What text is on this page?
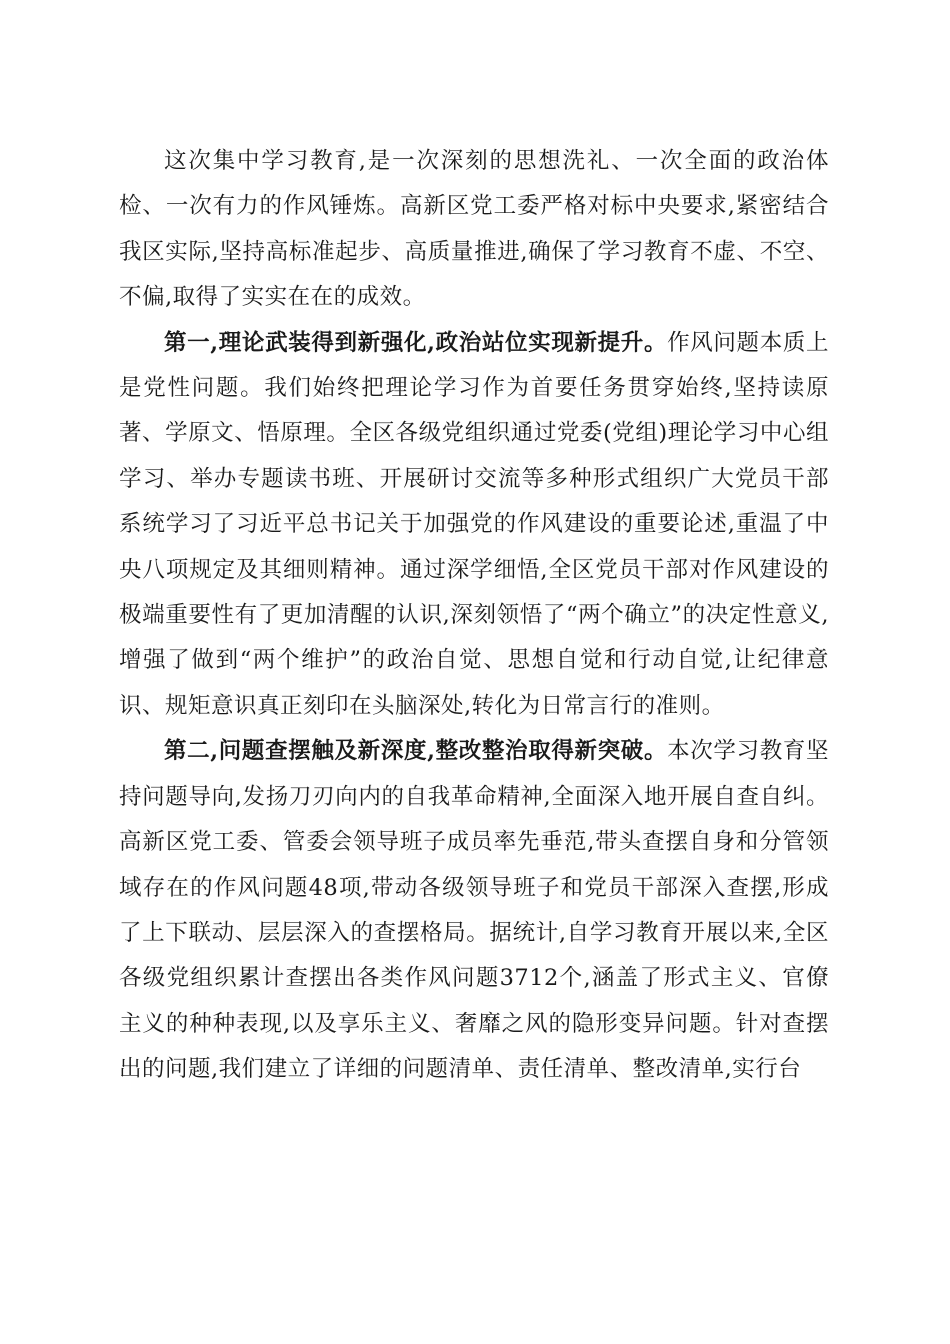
这次集中学习教育,是一次深刻的思想洗礼、一次全面的政治体检、一次有力的作风锤炼。高新区党工委严格对标中央要求,紧密结合我区实际,坚持高标准起步、高质量推进,确保了学习教育不虚、不空、不偏,取得了实实在在的成效。

第一,理论武装得到新强化,政治站位实现新提升。作风问题本质上是党性问题。我们始终把理论学习作为首要任务贯穿始终,坚持读原著、学原文、悟原理。全区各级党组织通过党委(党组)理论学习中心组学习、举办专题读书班、开展研讨交流等多种形式组织广大党员干部系统学习了习近平总书记关于加强党的作风建设的重要论述,重温了中央八项规定及其细则精神。通过深学细悟,全区党员干部对作风建设的极端重要性有了更加清醒的认识,深刻领悟了“两个确立”的决定性意义,增强了做到“两个维护”的政治自觉、思想自觉和行动自觉,让纪律意识、规矩意识真正刻印在头脑深处,转化为日常言行的准则。

第二,问题查摆触及新深度,整改整治取得新突破。本次学习教育坚持问题导向,发扬刀刃向内的自我革命精神,全面深入地开展自查自纠。高新区党工委、管委会领导班子成员率先垂范,带头查摆自身和分管领域存在的作风问题48项,带动各级领导班子和党员干部深入查摆,形成了上下联动、层层深入的查摆格局。据统计,自学习教育开展以来,全区各级党组织累计查摆出各类作风问题3712个,涵盖了形式主义、官僚主义的种种表现,以及享乐主义、奢靡之风的隐形变异问题。针对查摆出的问题,我们建立了详细的问题清单、责任清单、整改清单,实行台
